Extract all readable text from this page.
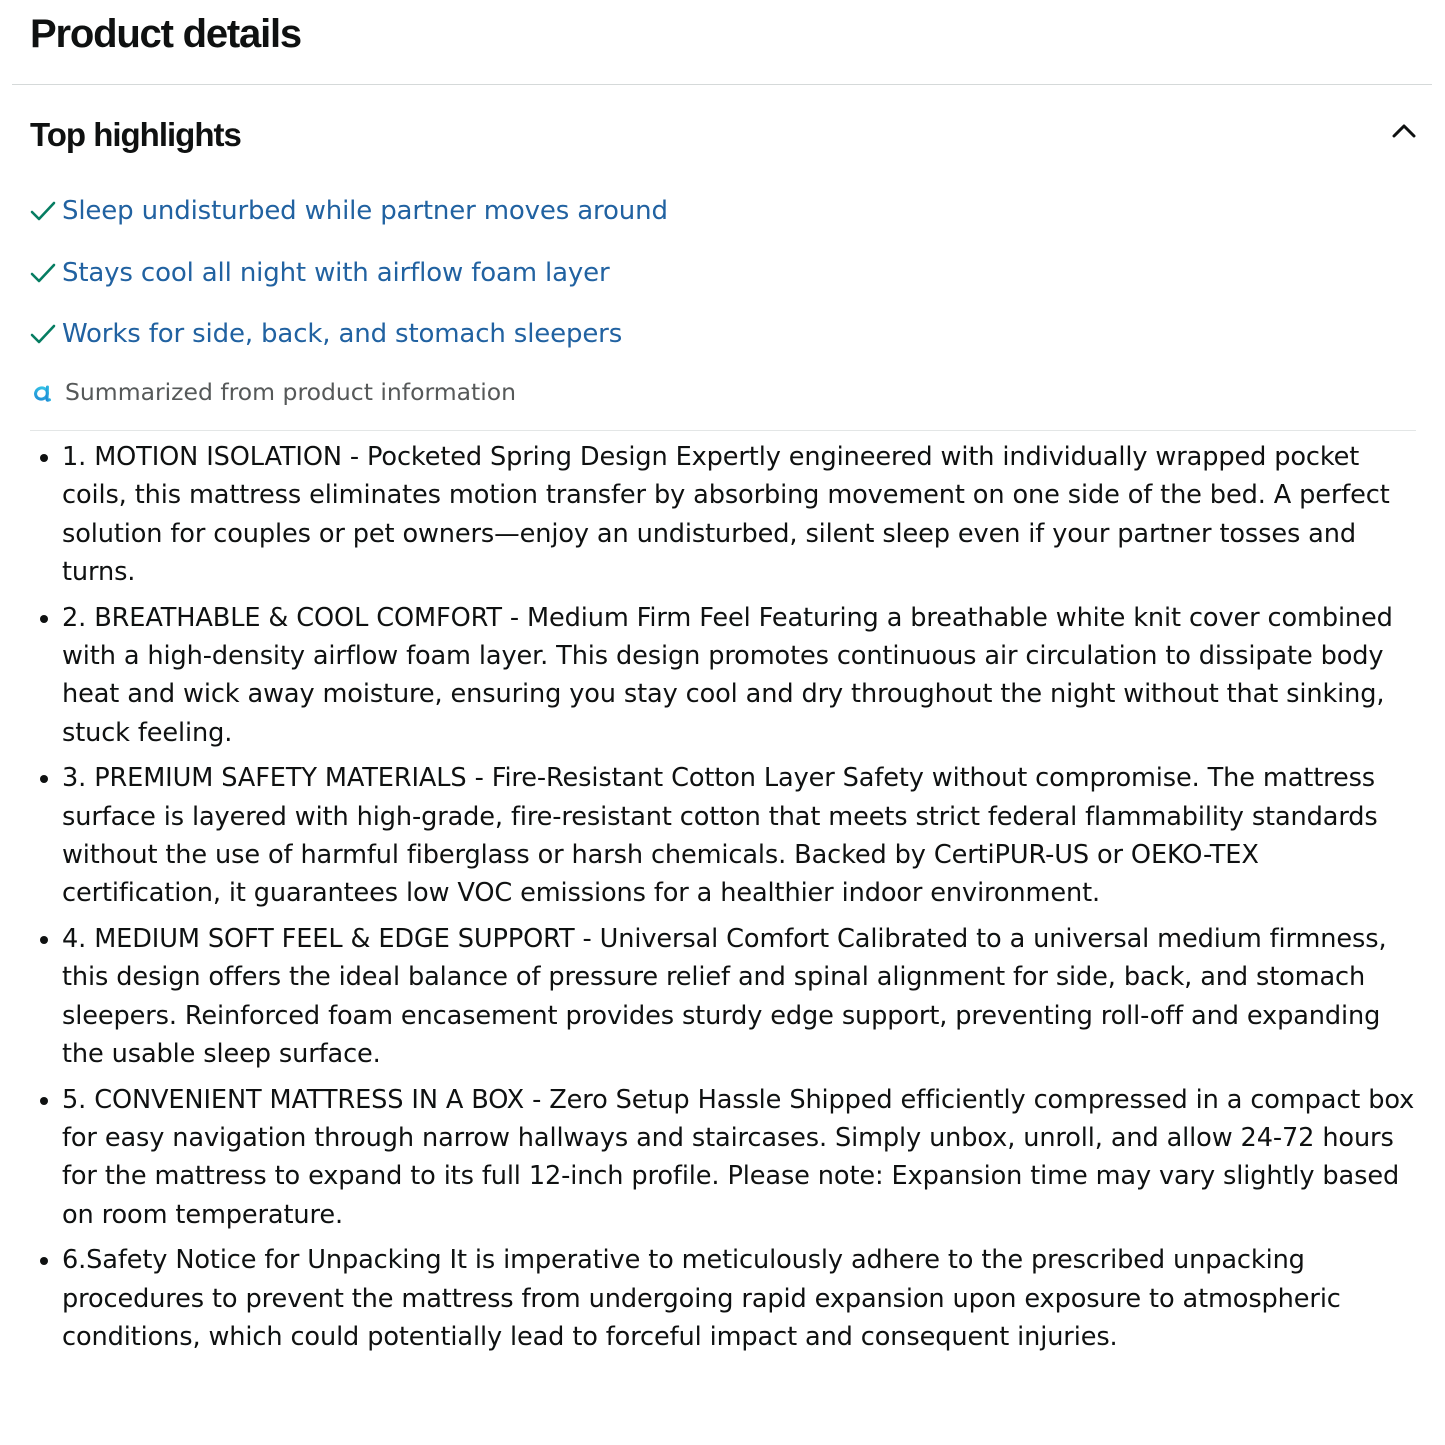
Product details
Top highlights
Sleep undisturbed while partner moves around
Stays cool all night with airflow foam layer
Works for side, back, and stomach sleepers
Summarized from product information
• 1. MOTION ISOLATION - Pocketed Spring Design Expertly engineered with individually wrapped pocket coils, this mattress eliminates motion transfer by absorbing movement on one side of the bed. A perfect solution for couples or pet owners—enjoy an undisturbed, silent sleep even if your partner tosses and turns.
• 2. BREATHABLE & COOL COMFORT - Medium Firm Feel Featuring a breathable white knit cover combined with a high-density airflow foam layer. This design promotes continuous air circulation to dissipate body heat and wick away moisture, ensuring you stay cool and dry throughout the night without that sinking, stuck feeling.
• 3. PREMIUM SAFETY MATERIALS - Fire-Resistant Cotton Layer Safety without compromise. The mattress surface is layered with high-grade, fire-resistant cotton that meets strict federal flammability standards without the use of harmful fiberglass or harsh chemicals. Backed by CertiPUR-US or OEKO-TEX certification, it guarantees low VOC emissions for a healthier indoor environment.
• 4. MEDIUM SOFT FEEL & EDGE SUPPORT - Universal Comfort Calibrated to a universal medium firmness, this design offers the ideal balance of pressure relief and spinal alignment for side, back, and stomach sleepers. Reinforced foam encasement provides sturdy edge support, preventing roll-off and expanding the usable sleep surface.
• 5. CONVENIENT MATTRESS IN A BOX - Zero Setup Hassle Shipped efficiently compressed in a compact box for easy navigation through narrow hallways and staircases. Simply unbox, unroll, and allow 24-72 hours for the mattress to expand to its full 12-inch profile. Please note: Expansion time may vary slightly based on room temperature.
• 6.Safety Notice for Unpacking It is imperative to meticulously adhere to the prescribed unpacking procedures to prevent the mattress from undergoing rapid expansion upon exposure to atmospheric conditions, which could potentially lead to forceful impact and consequent injuries.
